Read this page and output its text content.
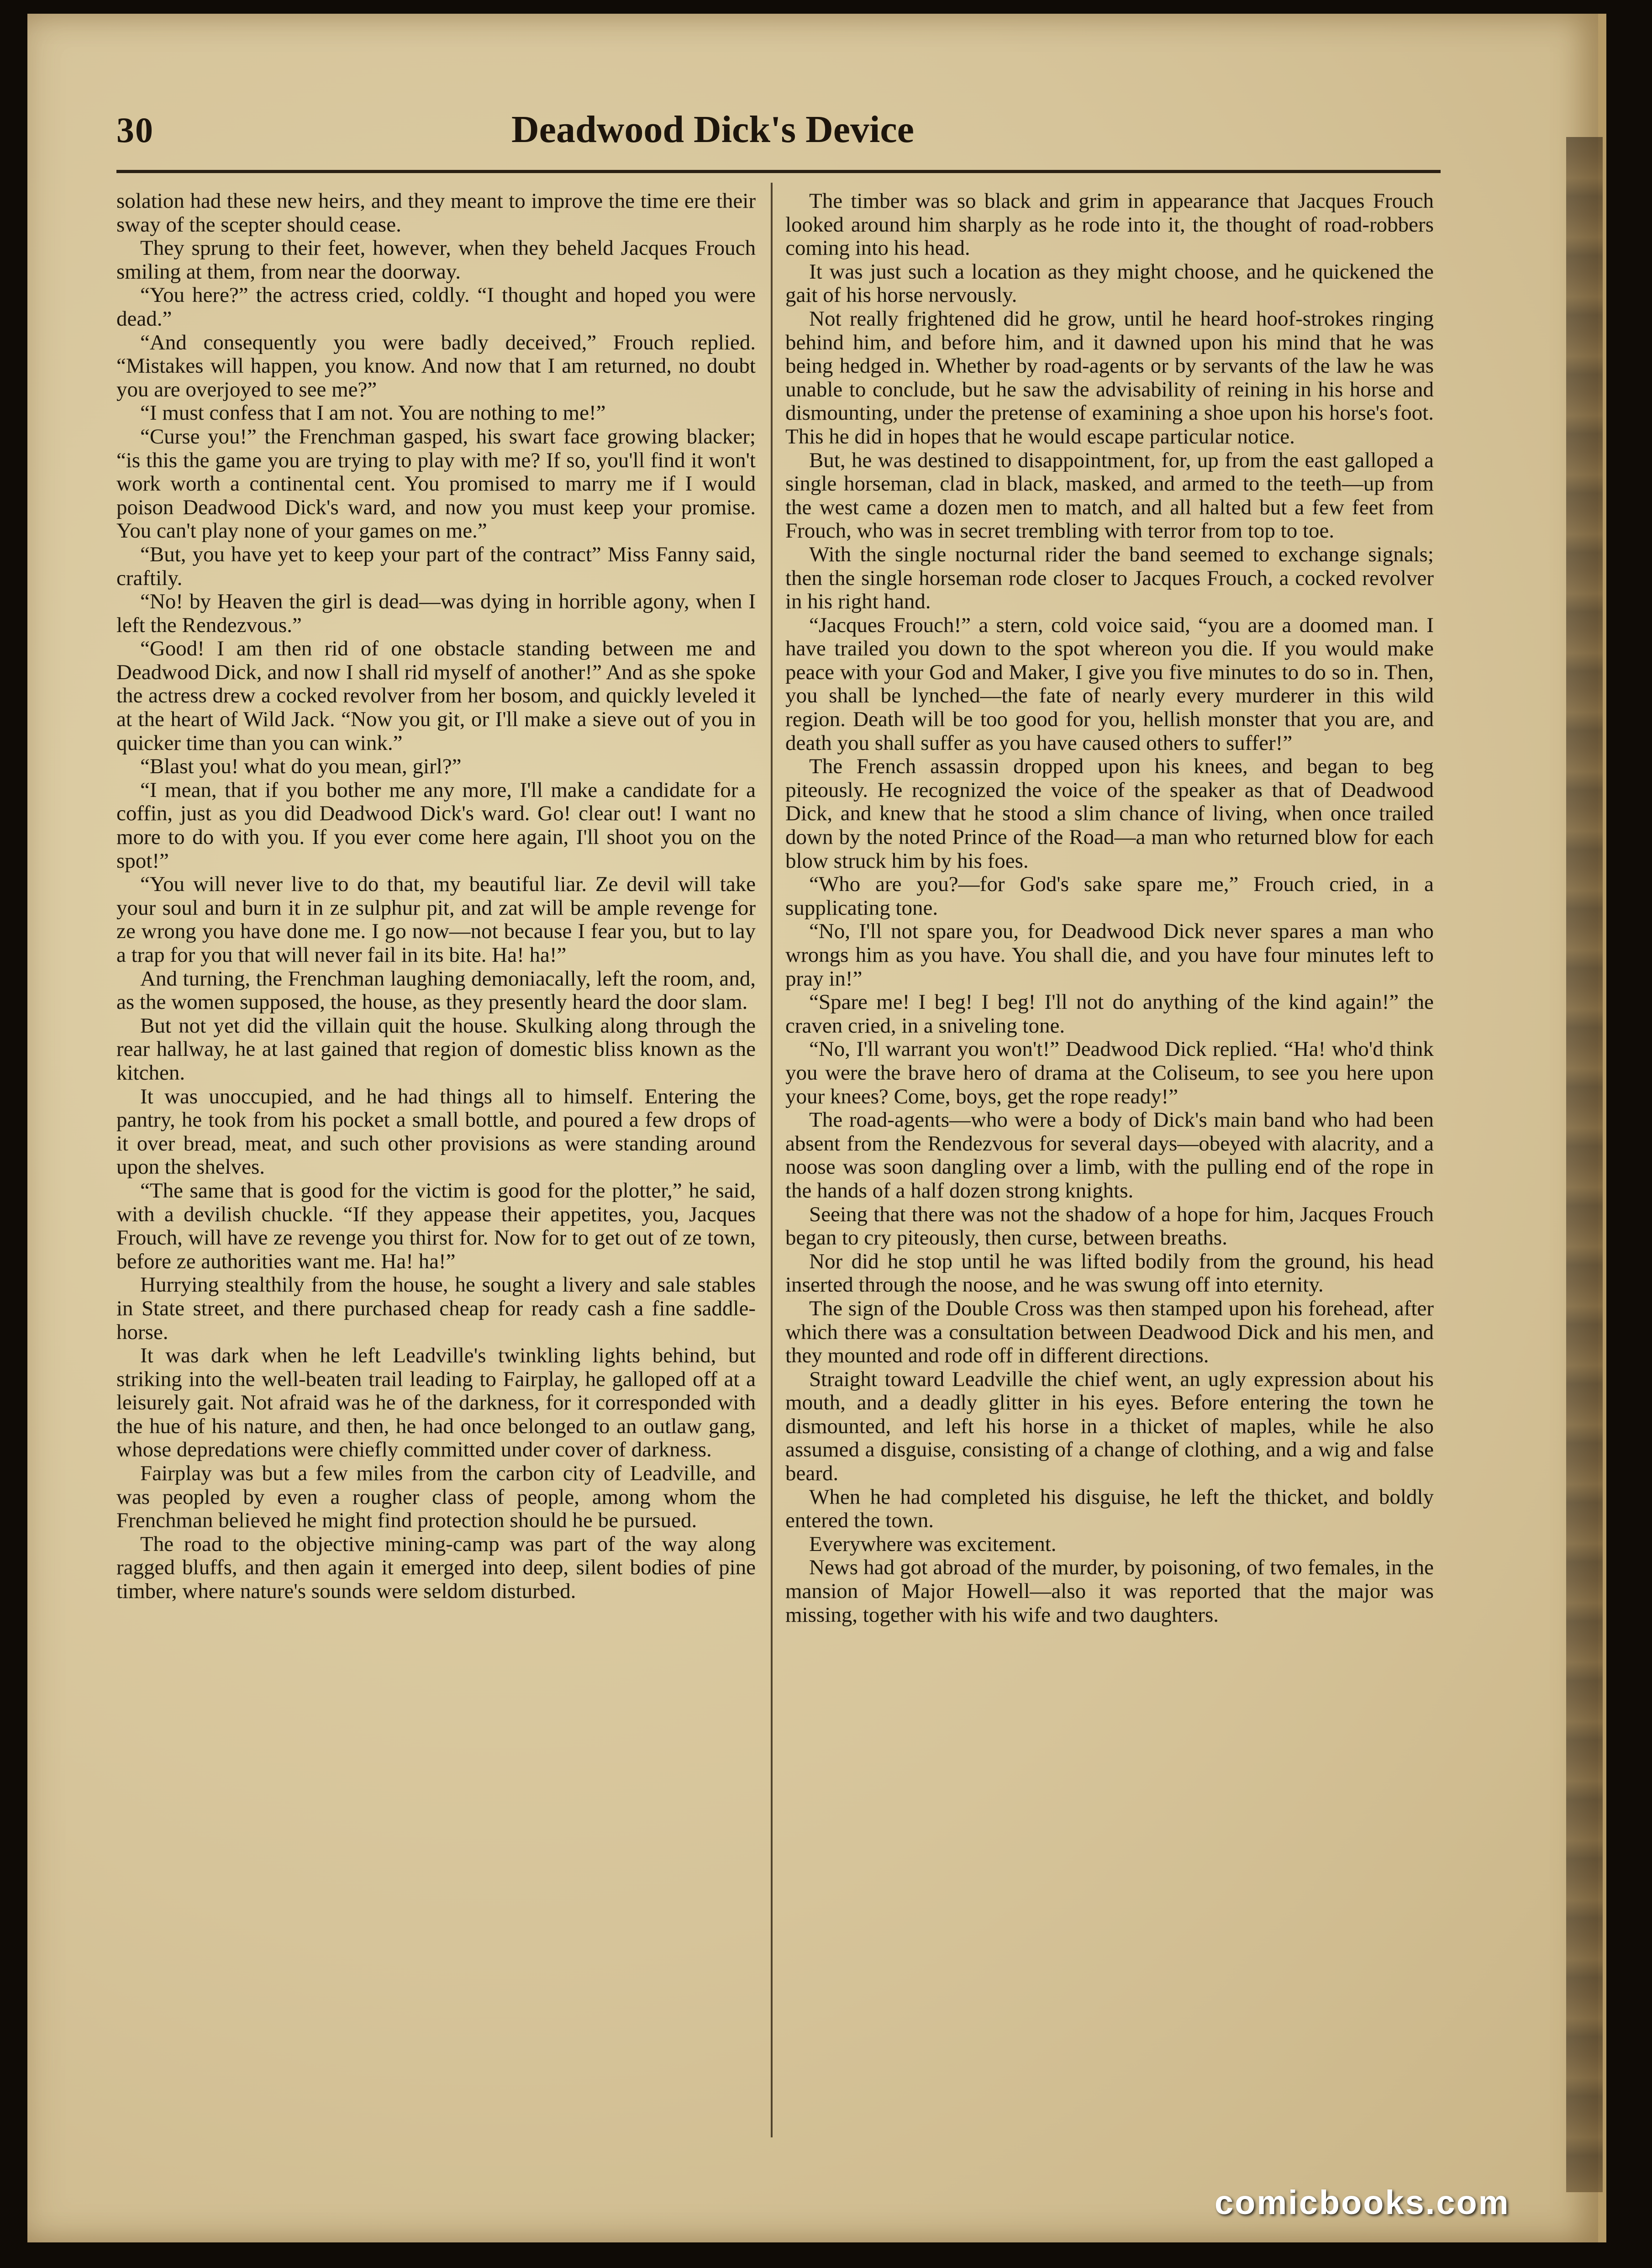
30	Deadwood Dick's Device

solation had these new heirs, and they meant to improve the time ere their sway of the scepter should cease.

They sprung to their feet, however, when they beheld Jacques Frouch smiling at them, from near the doorway.

“You here?” the actress cried, coldly. “I thought and hoped you were dead.”

“And consequently you were badly deceived,” Frouch replied. “Mistakes will happen, you know. And now that I am returned, no doubt you are overjoyed to see me?”

“I must confess that I am not. You are nothing to me!”

“Curse you!” the Frenchman gasped, his swart face growing blacker; “is this the game you are trying to play with me? If so, you'll find it won't work worth a continental cent. You promised to marry me if I would poison Deadwood Dick's ward, and now you must keep your promise. You can't play none of your games on me.”

“But, you have yet to keep your part of the contract” Miss Fanny said, craftily.

“No! by Heaven the girl is dead—was dying in horrible agony, when I left the Rendezvous.”

“Good! I am then rid of one obstacle standing between me and Deadwood Dick, and now I shall rid myself of another!” And as she spoke the actress drew a cocked revolver from her bosom, and quickly leveled it at the heart of Wild Jack. “Now you git, or I'll make a sieve out of you in quicker time than you can wink.”

“Blast you! what do you mean, girl?”

“I mean, that if you bother me any more, I'll make a candidate for a coffin, just as you did Deadwood Dick's ward. Go! clear out! I want no more to do with you. If you ever come here again, I'll shoot you on the spot!”

“You will never live to do that, my beautiful liar. Ze devil will take your soul and burn it in ze sulphur pit, and zat will be ample revenge for ze wrong you have done me. I go now—not because I fear you, but to lay a trap for you that will never fail in its bite. Ha! ha!”

And turning, the Frenchman laughing demoniacally, left the room, and, as the women supposed, the house, as they presently heard the door slam.

But not yet did the villain quit the house. Skulking along through the rear hallway, he at last gained that region of domestic bliss known as the kitchen.

It was unoccupied, and he had things all to himself. Entering the pantry, he took from his pocket a small bottle, and poured a few drops of it over bread, meat, and such other provisions as were standing around upon the shelves.

“The same that is good for the victim is good for the plotter,” he said, with a devilish chuckle. “If they appease their appetites, you, Jacques Frouch, will have ze revenge you thirst for. Now for to get out of ze town, before ze authorities want me. Ha! ha!”

Hurrying stealthily from the house, he sought a livery and sale stables in State street, and there purchased cheap for ready cash a fine saddle-horse.

It was dark when he left Leadville's twinkling lights behind, but striking into the well-beaten trail leading to Fairplay, he galloped off at a leisurely gait. Not afraid was he of the darkness, for it corresponded with the hue of his nature, and then, he had once belonged to an outlaw gang, whose depredations were chiefly committed under cover of darkness.

Fairplay was but a few miles from the carbon city of Leadville, and was peopled by even a rougher class of people, among whom the Frenchman believed he might find protection should he be pursued.

The road to the objective mining-camp was part of the way along ragged bluffs, and then again it emerged into deep, silent bodies of pine timber, where nature's sounds were seldom disturbed.

The timber was so black and grim in appearance that Jacques Frouch looked around him sharply as he rode into it, the thought of road-robbers coming into his head.

It was just such a location as they might choose, and he quickened the gait of his horse nervously.

Not really frightened did he grow, until he heard hoof-strokes ringing behind him, and before him, and it dawned upon his mind that he was being hedged in. Whether by road-agents or by servants of the law he was unable to conclude, but he saw the advisability of reining in his horse and dismounting, under the pretense of examining a shoe upon his horse's foot. This he did in hopes that he would escape particular notice.

But, he was destined to disappointment, for, up from the east galloped a single horseman, clad in black, masked, and armed to the teeth—up from the west came a dozen men to match, and all halted but a few feet from Frouch, who was in secret trembling with terror from top to toe.

With the single nocturnal rider the band seemed to exchange signals; then the single horseman rode closer to Jacques Frouch, a cocked revolver in his right hand.

“Jacques Frouch!” a stern, cold voice said, “you are a doomed man. I have trailed you down to the spot whereon you die. If you would make peace with your God and Maker, I give you five minutes to do so in. Then, you shall be lynched—the fate of nearly every murderer in this wild region. Death will be too good for you, hellish monster that you are, and death you shall suffer as you have caused others to suffer!”

The French assassin dropped upon his knees, and began to beg piteously. He recognized the voice of the speaker as that of Deadwood Dick, and knew that he stood a slim chance of living, when once trailed down by the noted Prince of the Road—a man who returned blow for each blow struck him by his foes.

“Who are you?—for God's sake spare me,” Frouch cried, in a supplicating tone.

“No, I'll not spare you, for Deadwood Dick never spares a man who wrongs him as you have. You shall die, and you have four minutes left to pray in!”

“Spare me! I beg! I beg! I'll not do anything of the kind again!” the craven cried, in a sniveling tone.

“No, I'll warrant you won't!” Deadwood Dick replied. “Ha! who'd think you were the brave hero of drama at the Coliseum, to see you here upon your knees? Come, boys, get the rope ready!”

The road-agents—who were a body of Dick's main band who had been absent from the Rendezvous for several days—obeyed with alacrity, and a noose was soon dangling over a limb, with the pulling end of the rope in the hands of a half dozen strong knights.

Seeing that there was not the shadow of a hope for him, Jacques Frouch began to cry piteously, then curse, between breaths.

Nor did he stop until he was lifted bodily from the ground, his head inserted through the noose, and he was swung off into eternity.

The sign of the Double Cross was then stamped upon his forehead, after which there was a consultation between Deadwood Dick and his men, and they mounted and rode off in different directions.

Straight toward Leadville the chief went, an ugly expression about his mouth, and a deadly glitter in his eyes. Before entering the town he dismounted, and left his horse in a thicket of maples, while he also assumed a disguise, consisting of a change of clothing, and a wig and false beard.

When he had completed his disguise, he left the thicket, and boldly entered the town.

Everywhere was excitement.

News had got abroad of the murder, by poisoning, of two females, in the mansion of Major Howell—also it was reported that the major was missing, together with his wife and two daughters.

comicbooks.com
